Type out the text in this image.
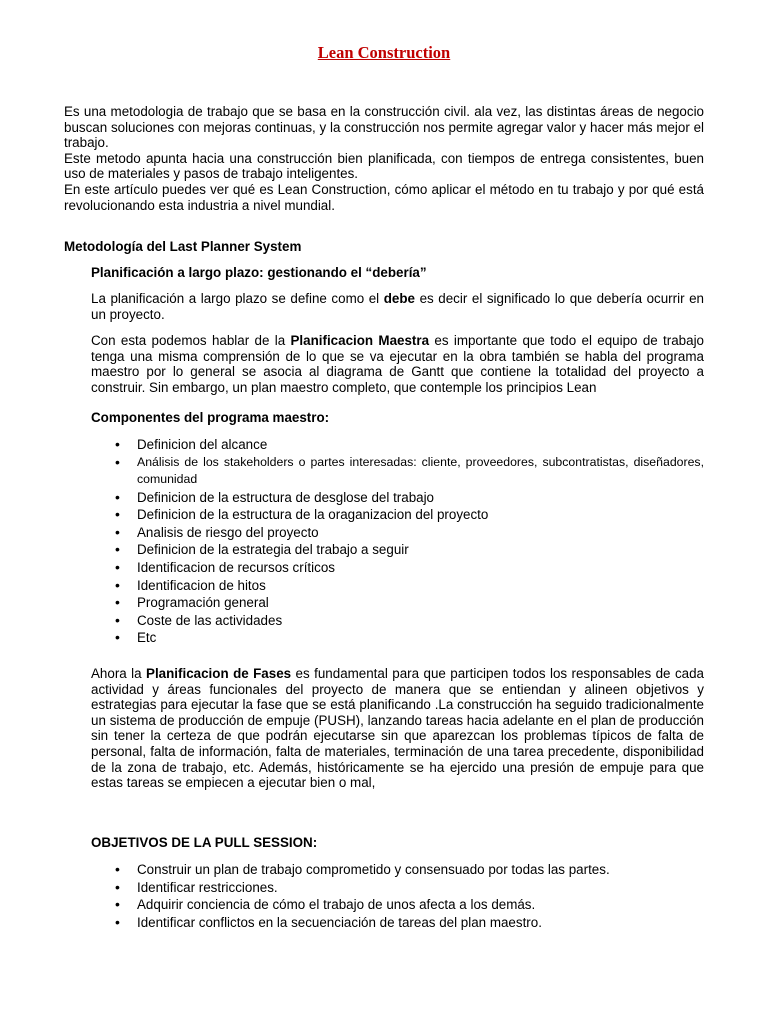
Lean Construction

Es una metodologia de trabajo que se basa en la construcción civil. ala vez, las distintas áreas de negocio buscan soluciones con mejoras continuas, y la construcción nos permite agregar valor y hacer más mejor el trabajo.

Este metodo apunta hacia una construcción bien planificada, con tiempos de entrega consistentes, buen uso de materiales y pasos de trabajo inteligentes.

En este artículo puedes ver qué es Lean Construction, cómo aplicar el método en tu trabajo y por qué está revolucionando esta industria a nivel mundial.

Metodología del Last Planner System
Planificación a largo plazo: gestionando el “debería”

La planificación a largo plazo se define como el debe es decir el significado lo que debería ocurrir en un proyecto.

Con esta podemos hablar de la Planificacion Maestra es importante que todo el equipo de trabajo tenga una misma comprensión de lo que se va ejecutar en la obra también se habla del programa maestro por lo general se asocia al diagrama de Gantt que contiene la totalidad del proyecto a construir. Sin embargo, un plan maestro completo, que contemple los principios Lean

Componentes del programa maestro:
• Definicion del alcance
• Análisis de los stakeholders o partes interesadas: cliente, proveedores, subcontratistas, diseñadores, comunidad
• Definicion de la estructura de desglose del trabajo
• Definicion de la estructura de la oraganizacion del proyecto
• Analisis de riesgo del proyecto
• Definicion de la estrategia del trabajo a seguir
• Identificacion de recursos críticos
• Identificacion de hitos
• Programación general
• Coste de las actividades
• Etc

Ahora la Planificacion de Fases es fundamental para que participen todos los responsables de cada actividad y áreas funcionales del proyecto de manera que se entiendan y alineen objetivos y estrategias para ejecutar la fase que se está planificando .La construcción ha seguido tradicionalmente un sistema de producción de empuje (PUSH), lanzando tareas hacia adelante en el plan de producción sin tener la certeza de que podrán ejecutarse sin que aparezcan los problemas típicos de falta de personal, falta de información, falta de materiales, terminación de una tarea precedente, disponibilidad de la zona de trabajo, etc. Además, históricamente se ha ejercido una presión de empuje para que estas tareas se empiecen a ejecutar bien o mal,

OBJETIVOS DE LA PULL SESSION:
• Construir un plan de trabajo comprometido y consensuado por todas las partes.
• Identificar restricciones.
• Adquirir conciencia de cómo el trabajo de unos afecta a los demás.
• Identificar conflictos en la secuenciación de tareas del plan maestro.
